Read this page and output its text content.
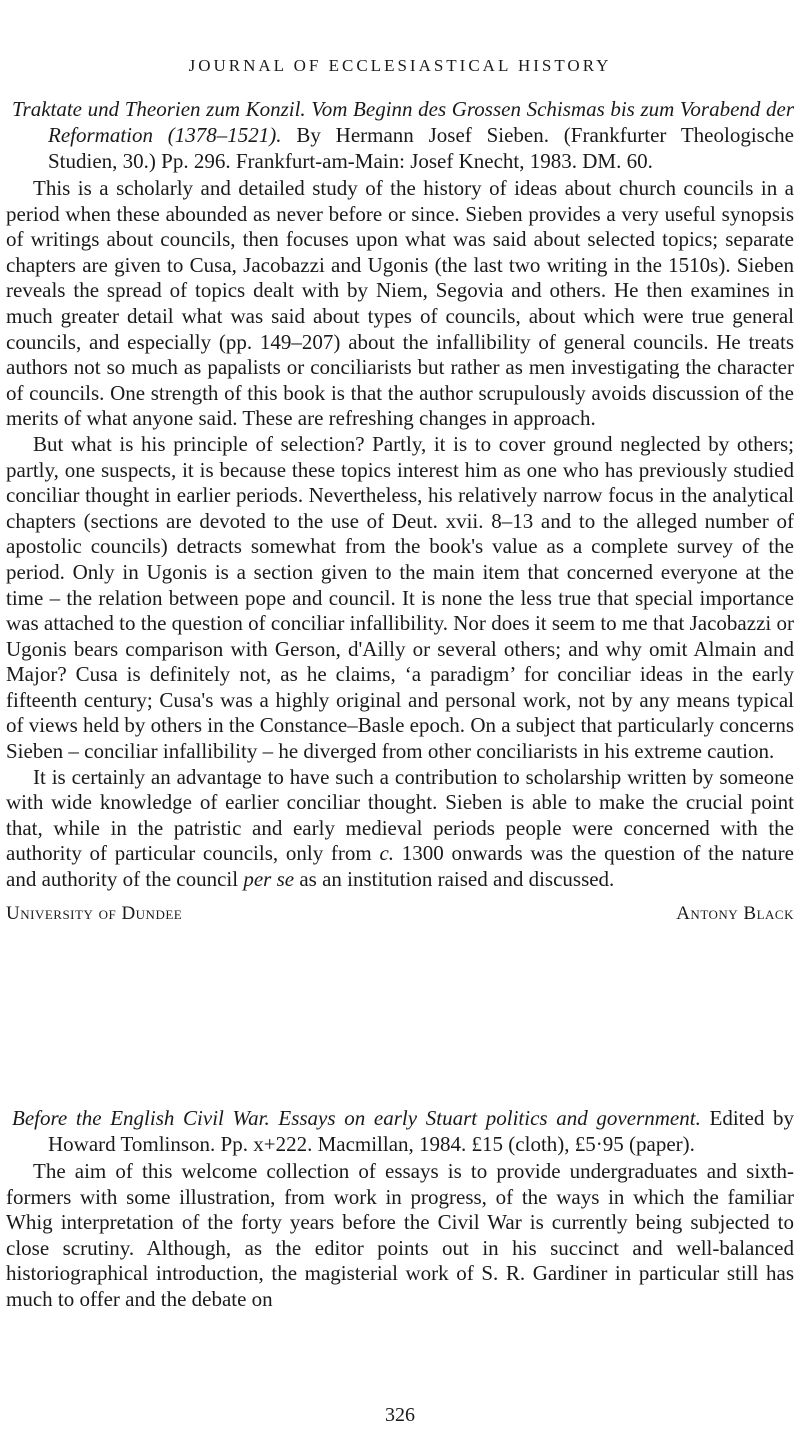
JOURNAL OF ECCLESIASTICAL HISTORY

Traktate und Theorien zum Konzil. Vom Beginn des Grossen Schismas bis zum Vorabend der Reformation (1378–1521). By Hermann Josef Sieben. (Frankfurter Theologische Studien, 30.) Pp. 296. Frankfurt-am-Main: Josef Knecht, 1983. DM. 60.

This is a scholarly and detailed study of the history of ideas about church councils in a period when these abounded as never before or since. Sieben provides a very useful synopsis of writings about councils, then focuses upon what was said about selected topics; separate chapters are given to Cusa, Jacobazzi and Ugonis (the last two writing in the 1510s). Sieben reveals the spread of topics dealt with by Niem, Segovia and others. He then examines in much greater detail what was said about types of councils, about which were true general councils, and especially (pp. 149–207) about the infallibility of general councils. He treats authors not so much as papalists or conciliarists but rather as men investigating the character of councils. One strength of this book is that the author scrupulously avoids discussion of the merits of what anyone said. These are refreshing changes in approach.

But what is his principle of selection? Partly, it is to cover ground neglected by others; partly, one suspects, it is because these topics interest him as one who has previously studied conciliar thought in earlier periods. Nevertheless, his relatively narrow focus in the analytical chapters (sections are devoted to the use of Deut. xvii. 8–13 and to the alleged number of apostolic councils) detracts somewhat from the book's value as a complete survey of the period. Only in Ugonis is a section given to the main item that concerned everyone at the time – the relation between pope and council. It is none the less true that special importance was attached to the question of conciliar infallibility. Nor does it seem to me that Jacobazzi or Ugonis bears comparison with Gerson, d'Ailly or several others; and why omit Almain and Major? Cusa is definitely not, as he claims, ‘a paradigm’ for conciliar ideas in the early fifteenth century; Cusa's was a highly original and personal work, not by any means typical of views held by others in the Constance–Basle epoch. On a subject that particularly concerns Sieben – conciliar infallibility – he diverged from other conciliarists in his extreme caution.

It is certainly an advantage to have such a contribution to scholarship written by someone with wide knowledge of earlier conciliar thought. Sieben is able to make the crucial point that, while in the patristic and early medieval periods people were concerned with the authority of particular councils, only from c. 1300 onwards was the question of the nature and authority of the council per se as an institution raised and discussed.

University of Dundee	Antony Black

Before the English Civil War. Essays on early Stuart politics and government. Edited by Howard Tomlinson. Pp. x+222. Macmillan, 1984. £15 (cloth), £5·95 (paper).

The aim of this welcome collection of essays is to provide undergraduates and sixth-formers with some illustration, from work in progress, of the ways in which the familiar Whig interpretation of the forty years before the Civil War is currently being subjected to close scrutiny. Although, as the editor points out in his succinct and well-balanced historiographical introduction, the magisterial work of S. R. Gardiner in particular still has much to offer and the debate on

326
